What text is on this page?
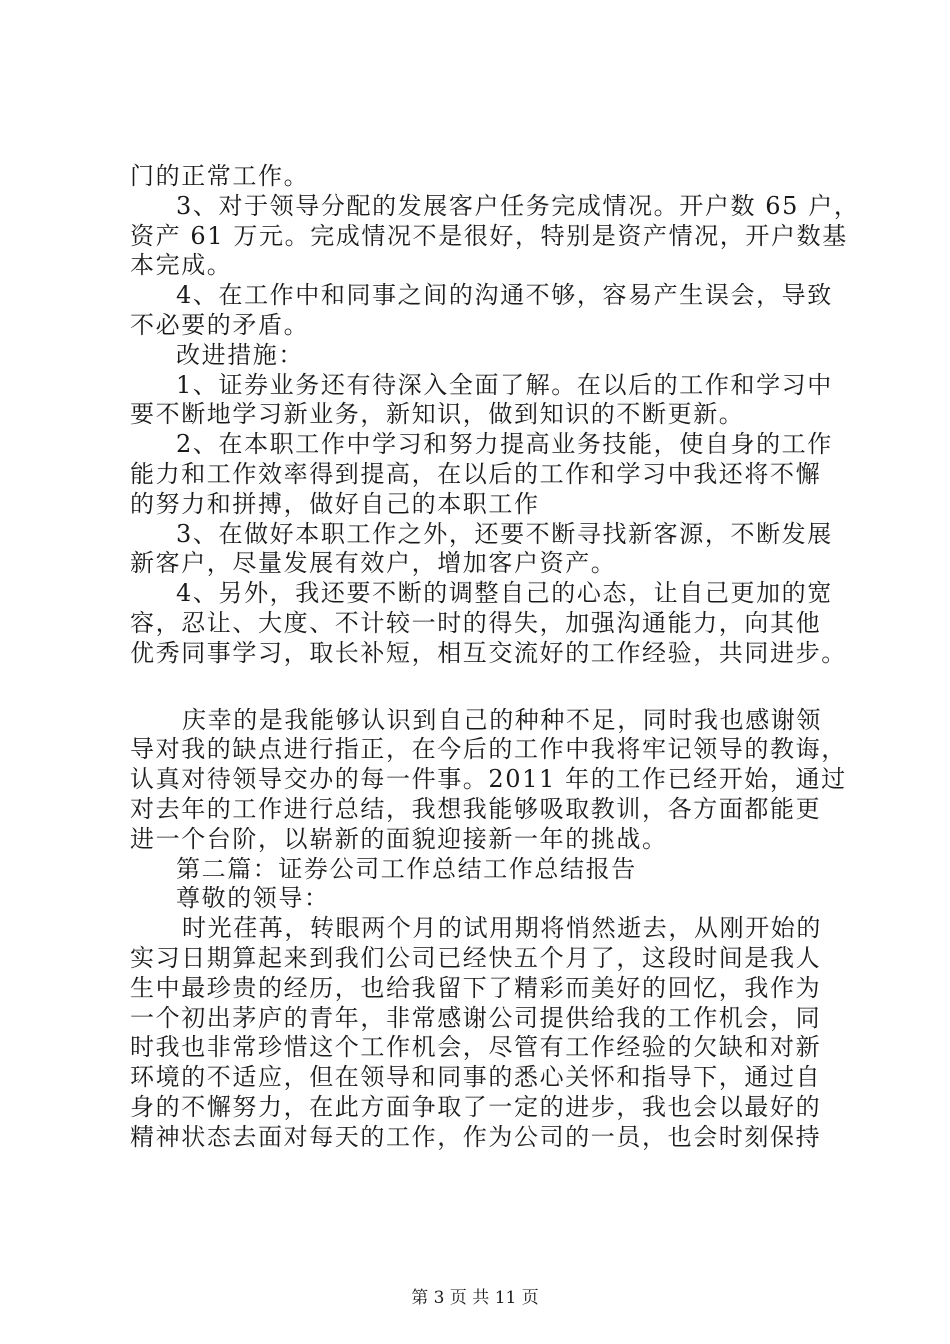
门的正常工作。
3、对于领导分配的发展客户任务完成情况。开户数 65 户，
资产 61 万元。完成情况不是很好，特别是资产情况，开户数基
本完成。
4、在工作中和同事之间的沟通不够，容易产生误会，导致
不必要的矛盾。
改进措施：
1、证券业务还有待深入全面了解。在以后的工作和学习中
要不断地学习新业务，新知识，做到知识的不断更新。
2、在本职工作中学习和努力提高业务技能，使自身的工作
能力和工作效率得到提高，在以后的工作和学习中我还将不懈
的努力和拼搏，做好自己的本职工作
3、在做好本职工作之外，还要不断寻找新客源，不断发展
新客户，尽量发展有效户，增加客户资产。
4、另外，我还要不断的调整自己的心态，让自己更加的宽
容，忍让、大度、不计较一时的得失，加强沟通能力，向其他
优秀同事学习，取长补短，相互交流好的工作经验，共同进步。
庆幸的是我能够认识到自己的种种不足，同时我也感谢领
导对我的缺点进行指正，在今后的工作中我将牢记领导的教诲，
认真对待领导交办的每一件事。2011 年的工作已经开始，通过
对去年的工作进行总结，我想我能够吸取教训，各方面都能更
进一个台阶，以崭新的面貌迎接新一年的挑战。
第二篇：证券公司工作总结工作总结报告
尊敬的领导：
时光荏苒，转眼两个月的试用期将悄然逝去，从刚开始的
实习日期算起来到我们公司已经快五个月了，这段时间是我人
生中最珍贵的经历，也给我留下了精彩而美好的回忆，我作为
一个初出茅庐的青年，非常感谢公司提供给我的工作机会，同
时我也非常珍惜这个工作机会，尽管有工作经验的欠缺和对新
环境的不适应，但在领导和同事的悉心关怀和指导下，通过自
身的不懈努力，在此方面争取了一定的进步，我也会以最好的
精神状态去面对每天的工作，作为公司的一员，也会时刻保持
第 3 页 共 11 页
